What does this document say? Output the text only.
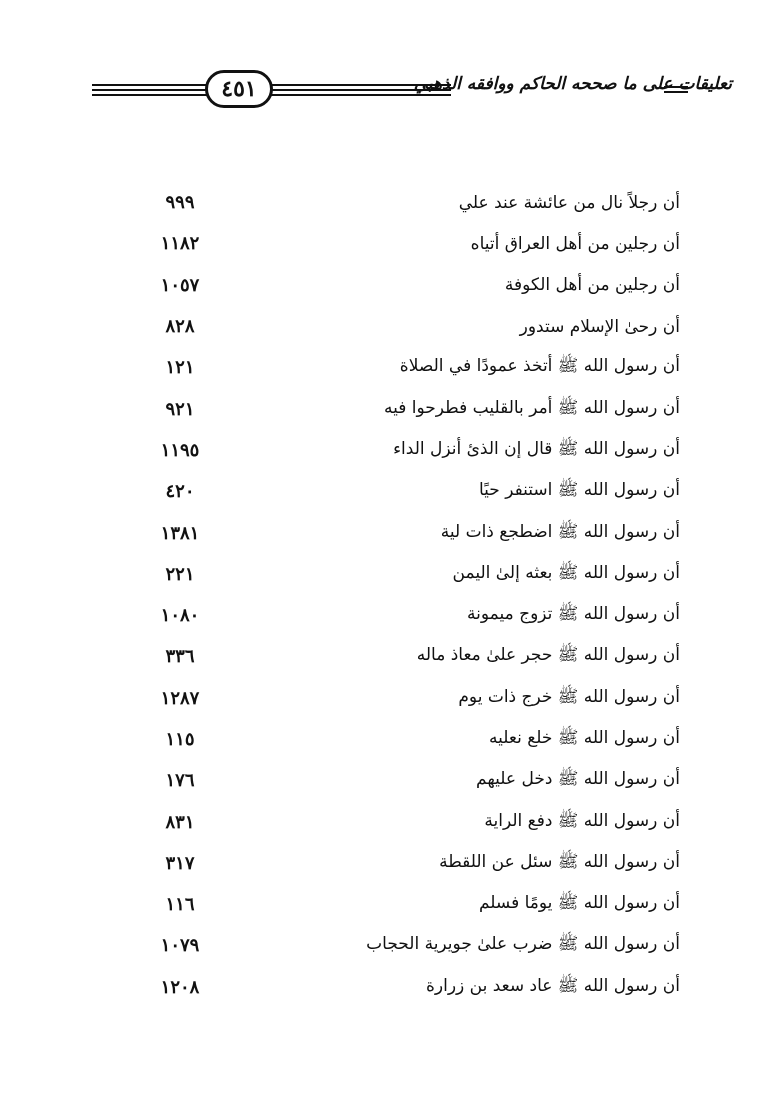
٤٥١	تعليقات على ما صححه الحاكم ووافقه الذهبي
أن رجلاً نال من عائشة عند علي
٩٩٩
أن رجلين من أهل العراق أتياه
١١٨٢
أن رجلين من أهل الكوفة
١٠٥٧
أن رحىٰ الإسلام ستدور
٨٢٨
أن رسول الله ﷺ أتخذ عمودًا في الصلاة
١٢١
أن رسول الله ﷺ أمر بالقليب فطرحوا فيه
٩٢١
أن رسول الله ﷺ قال إن الذئ أنزل الداء
١١٩٥
أن رسول الله ﷺ استنفر حيًا
٤٢٠
أن رسول الله ﷺ اضطجع ذات لية
١٣٨١
أن رسول الله ﷺ بعثه إلىٰ اليمن
٢٢١
أن رسول الله ﷺ تزوج ميمونة
١٠٨٠
أن رسول الله ﷺ حجر علىٰ معاذ ماله
٣٣٦
أن رسول الله ﷺ خرج ذات يوم
١٢٨٧
أن رسول الله ﷺ خلع نعليه
١١٥
أن رسول الله ﷺ دخل عليهم
١٧٦
أن رسول الله ﷺ دفع الراية
٨٣١
أن رسول الله ﷺ سئل عن اللقطة
٣١٧
أن رسول الله ﷺ يومًا فسلم
١١٦
أن رسول الله ﷺ ضرب علىٰ جويرية الحجاب
١٠٧٩
أن رسول الله ﷺ عاد سعد بن زرارة
١٢٠٨
